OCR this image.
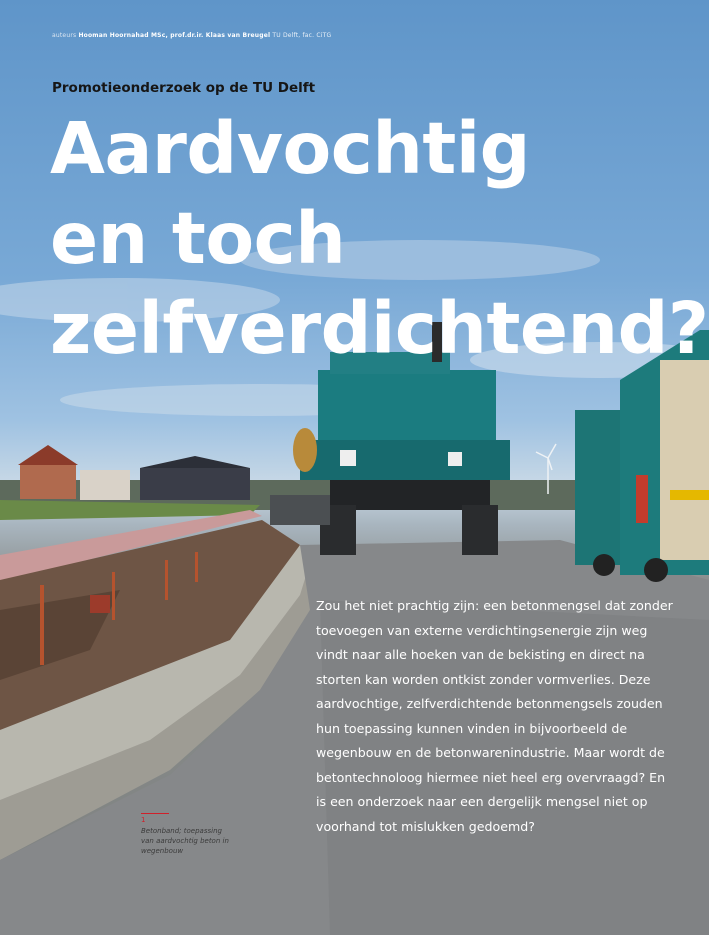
auteurs Hooman Hoornahad MSc, prof.dr.ir. Klaas van Breugel TU Delft, fac. CiTG
Promotieonderzoek op de TU Delft
Aardvochtig
en toch
zelfverdichtend?

Zou het niet prachtig zijn: een betonmengsel dat zonder toevoegen van externe verdichtingsenergie zijn weg vindt naar alle hoeken van de bekisting en direct na storten kan worden ontkist zonder vormverlies. Deze aardvochtige, zelfverdichtende betonmengsels zouden hun toepassing kunnen vinden in bijvoorbeeld de wegenbouw en de betonwarenindustrie. Maar wordt de betontechnoloog hiermee niet heel erg overvraagd? En is een onderzoek naar een dergelijk mengsel niet op voorhand tot mislukken gedoemd?

1
Betonband; toepassing van aardvochtig beton in wegenbouw
